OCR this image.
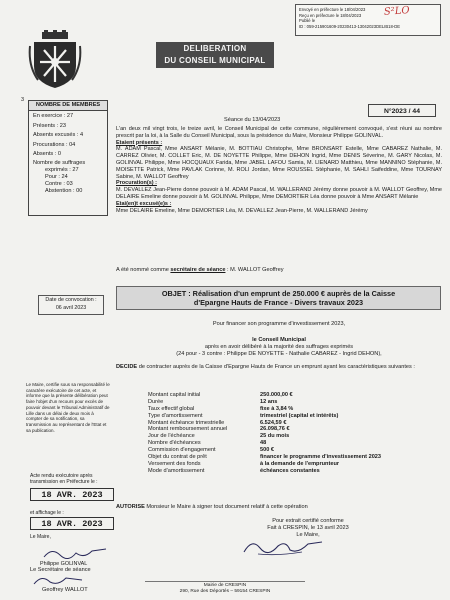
Envoyé en préfecture le 18/04/2023
Reçu en préfecture le 18/04/2023
Publié le
ID : 059-215901609-20230413-13042023DELIB18-DE
S²LO
3
DELIBERATION
DU CONSEIL MUNICIPAL
N°2023 / 44
Séance du 13/04/2023
NOMBRE DE MEMBRES
En exercice : 27
Présents : 23
Absents excusés : 4
Procurations : 04
Absents : 0
Nombre de suffrages
exprimés : 27
Pour : 24
Contre : 03
Abstention : 00

L'an deux mil vingt trois, le treize avril, le Conseil Municipal de cette commune, régulièrement convoqué, s'est réuni au nombre prescrit par la loi, à la Salle du Conseil Municipal, sous la présidence du Maire, Monsieur Philippe GOLINVAL.

Etaient présents :

M. ADAM Pascal, Mme ANSART Mélanie, M. BOTTIAU Christophe, Mme BRONSART Estelle, Mme CABAREZ Nathalie, M. CARREZ Olivier, M. COLLET Eric, M. DE NOYETTE Philippe, Mme DEHON Ingrid, Mme DENIS Séverine, M. GARY Nicolas, M. GOLINVAL Philippe, Mme HOCQUAUX Farida, Mme JABEL LAFOU Samia, M. LIENARD Matthieu, Mme MANNINO Stéphanie, M. MOISETTE Patrick, Mme PAVLAK Corinne, M. ROLI Jordan, Mme ROUSSEL Stéphanie, M. SAHLI Saifeddine, Mme TOURNAY Sabine, M. WALLOT Geoffrey

Procuration(s) :

M. DEVALLEZ Jean-Pierre donne pouvoir à M. ADAM Pascal, M. WALLERAND Jérémy donne pouvoir à M. WALLOT Geoffrey, Mme DELAIRE Emeline donne pouvoir à M. GOLINVAL Philippe, Mme DEMORTIER Léa donne pouvoir à Mme ANSART Mélanie

Etai(en)t excusé(e)s :

Mme DELAIRE Emeline, Mme DEMORTIER Léa, M. DEVALLEZ Jean-Pierre, M. WALLERAND Jérémy

A été nommé comme secrétaire de séance : M. WALLOT Geoffrey
OBJET : Réalisation d'un emprunt de 250.000 € auprès de la Caisse
d'Epargne Hauts de France - Divers travaux 2023
Date de convocation :
06 avril 2023
Pour financer son programme d'investissement 2023,
le Conseil Municipal
après en avoir délibéré à la majorité des suffrages exprimés
(24 pour - 3 contre : Philippe DE NOYETTE - Nathalie CABAREZ - Ingrid DEHON),
DECIDE de contracter auprès de la Caisse d'Epargne Hauts de France un emprunt ayant les caractéristiques suivantes :
Le Maire, certifie sous sa responsabilité le caractère exécutoire de cet acte, et informe que la présente délibération peut faire l'objet d'un recours pour excès de pouvoir devant le Tribunal Administratif de Lille dans un délai de deux mois à compter de sa notification, sa transmission au représentant de l'Etat et sa publication.
Montant capital initial	250.000,00 €
Durée	12 ans
Taux effectif global	fixe à 3,84 %
Type d'amortissement	trimestriel (capital et intérêts)
Montant échéance trimestrielle	6.524,59 €
Montant remboursement annuel	26.098,76 €
Jour de l'échéance	25 du mois
Nombre d'échéances	48
Commission d'engagement	500 €
Objet du contrat de prêt	financer le programme d'investissement 2023
Versement des fonds	à la demande de l'emprunteur
Mode d'amortissement	échéances constantes
AUTORISE Monsieur le Maire à signer tout document relatif à cette opération
Pour extrait certifié conforme
Fait à CRESPIN, le 13 avril 2023
Le Maire,
Acte rendu exécutoire après transmission en Préfecture le :
18 AVR. 2023
et affichage le :
18 AVR. 2023
Le Maire,
Philippe GOLINVAL
Le Secrétaire de séance
Geoffrey WALLOT
Mairie de CRESPIN
290, Rue des Déportés – 59154 CRESPIN
